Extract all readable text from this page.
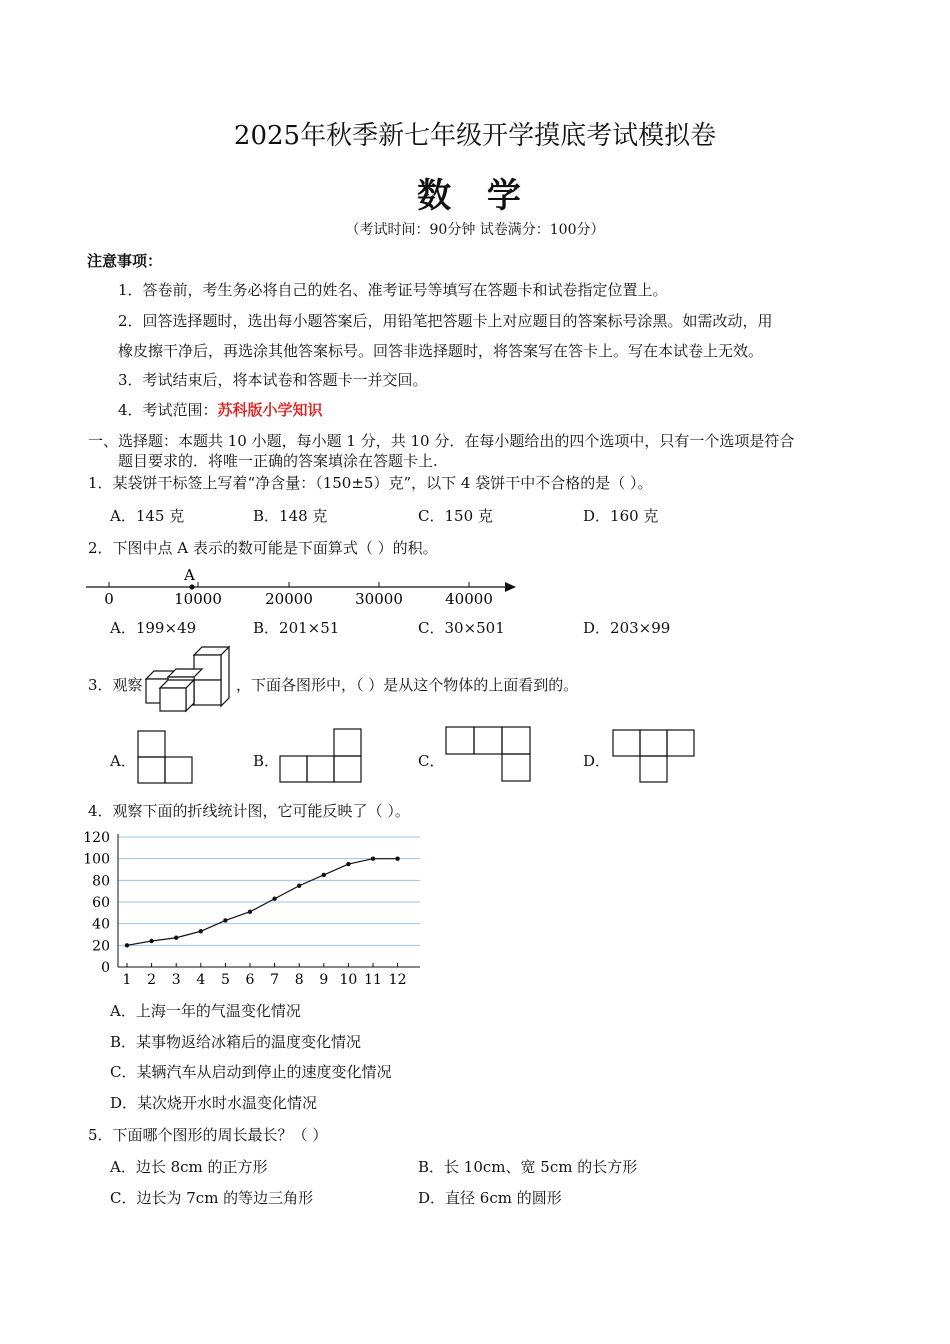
2025年秋季新七年级开学摸底考试模拟卷
数 学
（考试时间：90分钟 试卷满分：100分）
注意事项：
1．答卷前，考生务必将自己的姓名、准考证号等填写在答题卡和试卷指定位置上。
2．回答选择题时，选出每小题答案后，用铅笔把答题卡上对应题目的答案标号涂黑。如需改动，用
橡皮擦干净后，再选涂其他答案标号。回答非选择题时，将答案写在答卡上。写在本试卷上无效。
3．考试结束后，将本试卷和答题卡一并交回。
4．考试范围：苏科版小学知识
一、选择题：本题共 10 小题，每小题 1 分，共 10 分．在每小题给出的四个选项中，只有一个选项是符合
题目要求的．将唯一正确的答案填涂在答题卡上.
1．某袋饼干标签上写着“净含量：（150±5）克”，以下 4 袋饼干中不合格的是（ ）。
A．145 克	B．148 克	C．150 克	D．160 克
2．下图中点 A 表示的数可能是下面算式（ ）的积。
A
0	10000	20000	30000	40000
A．199×49	B．201×51	C．30×501	D．203×99
3．观察	，下面各图形中，（ ）是从这个物体的上面看到的。
A．	B．	C．	D．
4．观察下面的折线统计图，它可能反映了（ ）。
0
20
40
60
80
100
120
1 2 3 4 5 6 7 8 9 10 11 12
A．上海一年的气温变化情况
B．某事物返给冰箱后的温度变化情况
C．某辆汽车从启动到停止的速度变化情况
D．某次烧开水时水温变化情况
5．下面哪个图形的周长最长？（ ）
A．边长 8cm 的正方形	B．长 10cm、宽 5cm 的长方形
C．边长为 7cm 的等边三角形	D．直径 6cm 的圆形
